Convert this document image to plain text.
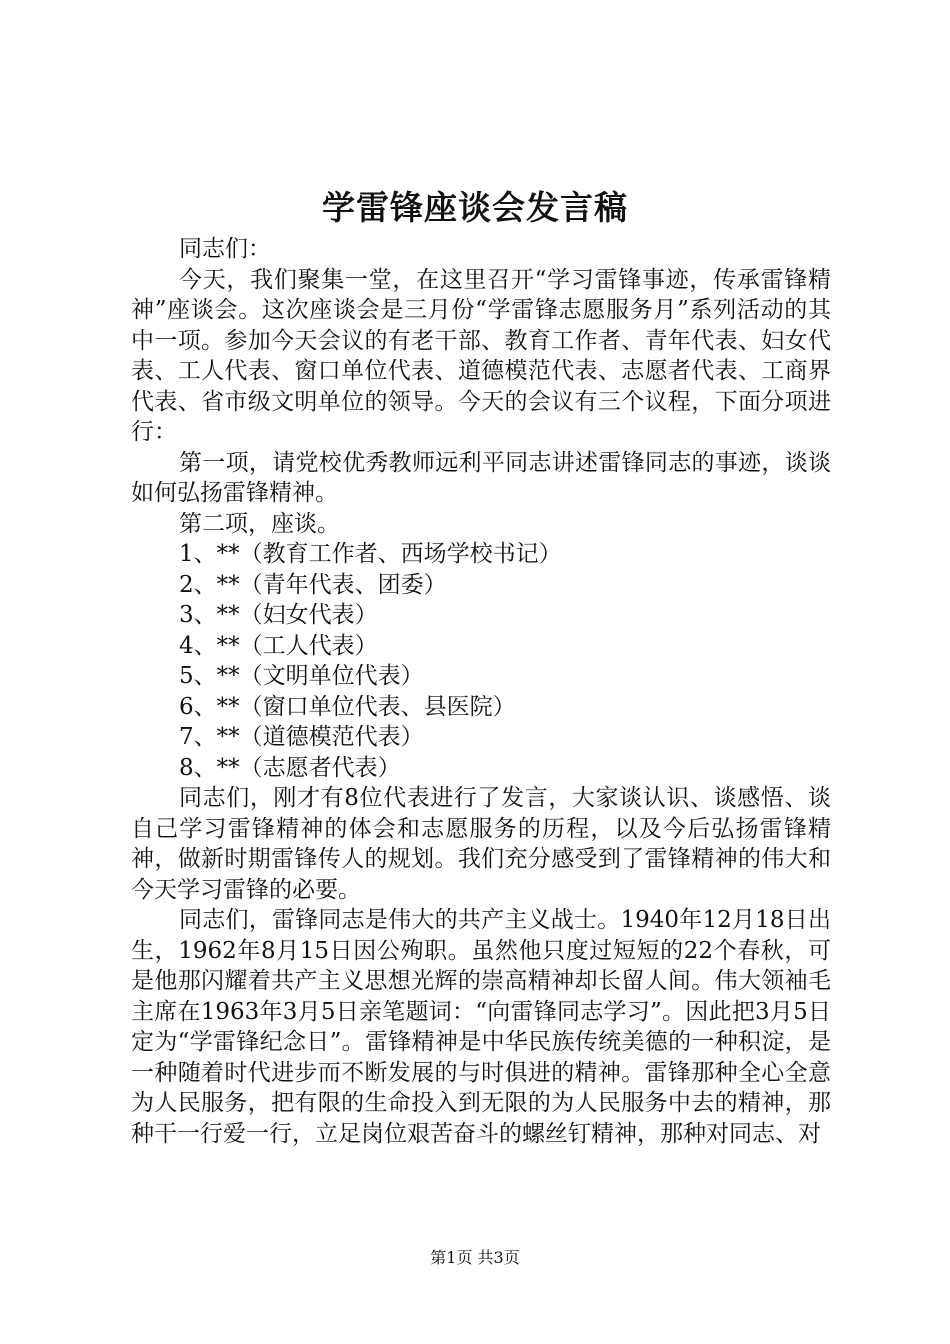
学雷锋座谈会发言稿

同志们：

今天，我们聚集一堂，在这里召开“学习雷锋事迹，传承雷锋精神”座谈会。这次座谈会是三月份“学雷锋志愿服务月”系列活动的其中一项。参加今天会议的有老干部、教育工作者、青年代表、妇女代表、工人代表、窗口单位代表、道德模范代表、志愿者代表、工商界代表、省市级文明单位的领导。今天的会议有三个议程，下面分项进行：

第一项，请党校优秀教师远利平同志讲述雷锋同志的事迹，谈谈如何弘扬雷锋精神。

第二项，座谈。

1、**（教育工作者、西场学校书记）

2、**（青年代表、团委）

3、**（妇女代表）

4、**（工人代表）

5、**（文明单位代表）

6、**（窗口单位代表、县医院）

7、**（道德模范代表）

8、**（志愿者代表）

同志们，刚才有8位代表进行了发言，大家谈认识、谈感悟、谈自己学习雷锋精神的体会和志愿服务的历程，以及今后弘扬雷锋精神，做新时期雷锋传人的规划。我们充分感受到了雷锋精神的伟大和今天学习雷锋的必要。

同志们，雷锋同志是伟大的共产主义战士。1940年12月18日出生，1962年8月15日因公殉职。虽然他只度过短短的22个春秋，可是他那闪耀着共产主义思想光辉的崇高精神却长留人间。伟大领袖毛主席在1963年3月5日亲笔题词：“向雷锋同志学习”。因此把3月5日定为“学雷锋纪念日”。雷锋精神是中华民族传统美德的一种积淀，是一种随着时代进步而不断发展的与时俱进的精神。雷锋那种全心全意为人民服务，把有限的生命投入到无限的为人民服务中去的精神，那种干一行爱一行，立足岗位艰苦奋斗的螺丝钉精神，那种对同志、对

第1页 共3页
